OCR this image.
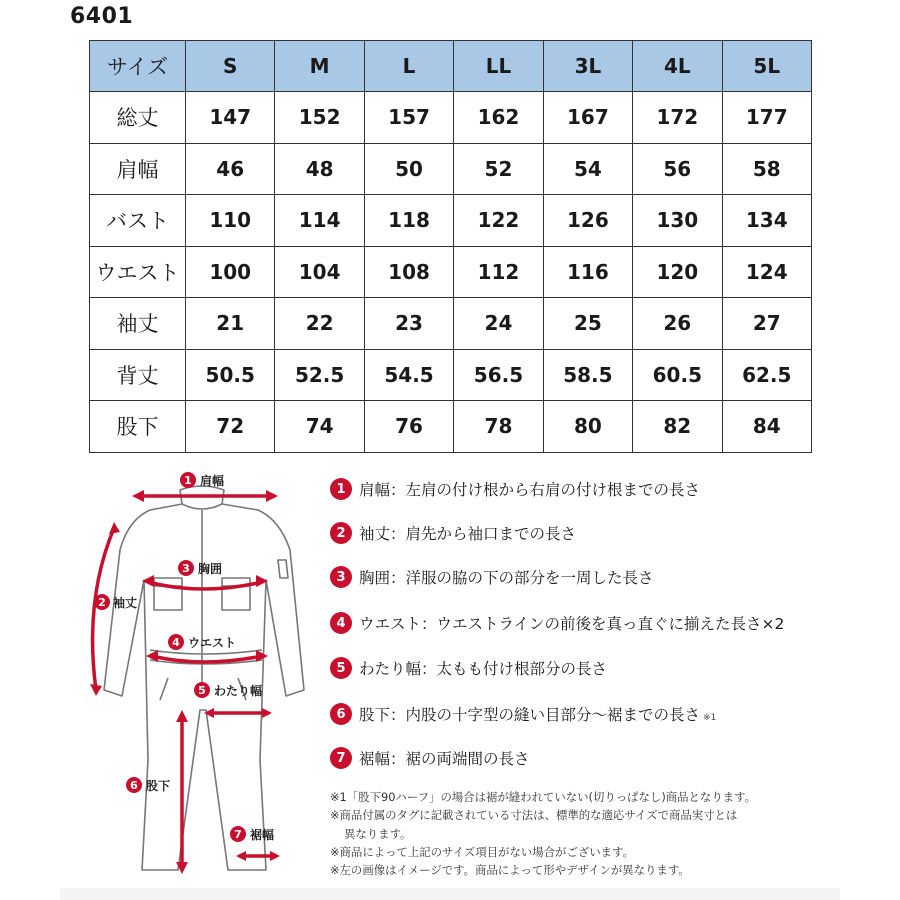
6401
サイズ	S	M	L	LL	3L	4L	5L
総丈	147	152	157	162	167	172	177
肩幅	46	48	50	52	54	56	58
バスト	110	114	118	122	126	130	134
ウエスト	100	104	108	112	116	120	124
袖丈	21	22	23	24	25	26	27
背丈	50.5	52.5	54.5	56.5	58.5	60.5	62.5
股下	72	74	76	78	80	82	84
1 肩幅
2 袖丈
3 胸囲
4 ウエスト
5 わたり幅
6 股下
7 裾幅
1 肩幅：左肩の付け根から右肩の付け根までの長さ
2 袖丈：肩先から袖口までの長さ
3 胸囲：洋服の脇の下の部分を一周した長さ
4 ウエスト：ウエストラインの前後を真っ直ぐに揃えた長さ×2
5 わたり幅：太もも付け根部分の長さ
6 股下：内股の十字型の縫い目部分～裾までの長さ ※1
7 裾幅：裾の両端間の長さ
※1「股下90ハーフ」の場合は裾が縫われていない(切りっぱなし)商品となります。
※商品付属のタグに記載されている寸法は、標準的な適応サイズで商品実寸とは
異なります。
※商品によって上記のサイズ項目がない場合がございます。
※左の画像はイメージです。商品によって形やデザインが異なります。
